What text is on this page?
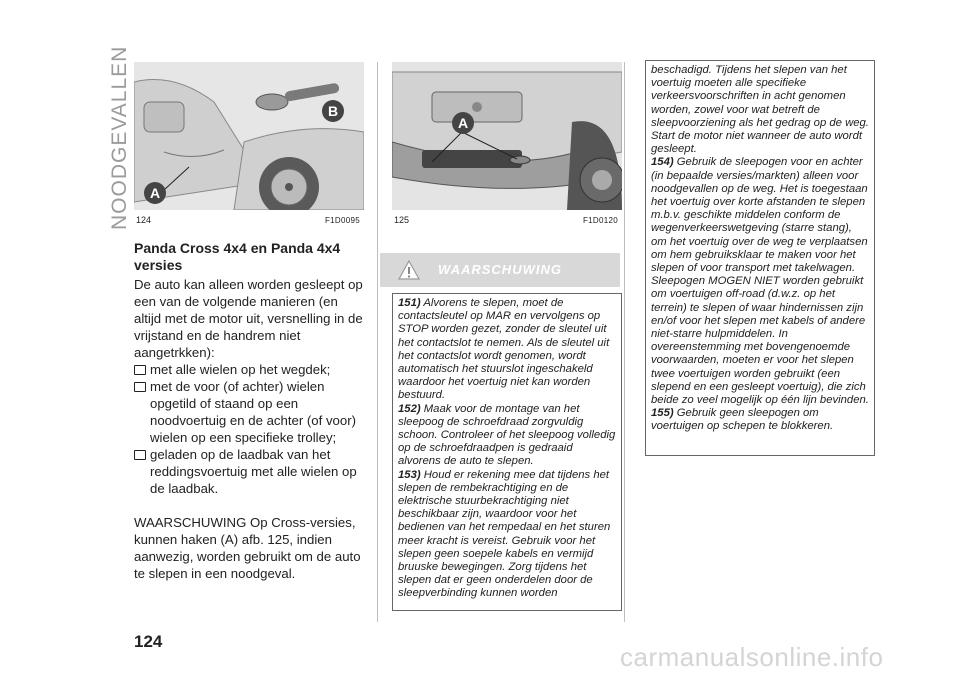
NOODGEVALLEN	A
B
124	F1D0095
Panda Cross 4x4 en Panda 4x4 versies

De auto kan alleen worden gesleept op een van de volgende manieren (en altijd met de motor uit, versnelling in de vrijstand en de handrem niet aangetrkken):

met alle wielen op het wegdek;
met de voor (of achter) wielen opgetild of staand op een noodvoertuig en de achter (of voor) wielen op een specifieke trolley;
geladen op de laadbak van het reddingsvoertuig met alle wielen op de laadbak.

WAARSCHUWING Op Cross-versies, kunnen haken (A) afb. 125, indien aanwezig, worden gebruikt om de auto te slepen in een noodgeval.

A
125	F1D0120
WAARSCHUWING

151) Alvorens te slepen, moet de contactsleutel op MAR en vervolgens op STOP worden gezet, zonder de sleutel uit het contactslot te nemen. Als de sleutel uit het contactslot wordt genomen, wordt automatisch het stuurslot ingeschakeld waardoor het voertuig niet kan worden bestuurd.

152) Maak voor de montage van het sleepoog de schroefdraad zorgvuldig schoon. Controleer of het sleepoog volledig op de schroefdraadpen is gedraaid alvorens de auto te slepen.

153) Houd er rekening mee dat tijdens het slepen de rembekrachtiging en de elektrische stuurbekrachtiging niet beschikbaar zijn, waardoor voor het bedienen van het rempedaal en het sturen meer kracht is vereist. Gebruik voor het slepen geen soepele kabels en vermijd bruuske bewegingen. Zorg tijdens het slepen dat er geen onderdelen door de sleepverbinding kunnen worden

beschadigd. Tijdens het slepen van het voertuig moeten alle specifieke verkeersvoorschriften in acht genomen worden, zowel voor wat betreft de sleepvoorziening als het gedrag op de weg. Start de motor niet wanneer de auto wordt gesleept.

154) Gebruik de sleepogen voor en achter (in bepaalde versies/markten) alleen voor noodgevallen op de weg. Het is toegestaan het voertuig over korte afstanden te slepen m.b.v. geschikte middelen conform de wegenverkeerswetgeving (starre stang), om het voertuig over de weg te verplaatsen om hem gebruiksklaar te maken voor het slepen of voor transport met takelwagen. Sleepogen MOGEN NIET worden gebruikt om voertuigen off-road (d.w.z. op het terrein) te slepen of waar hindernissen zijn en/of voor het slepen met kabels of andere niet-starre hulpmiddelen. In overeenstemming met bovengenoemde voorwaarden, moeten er voor het slepen twee voertuigen worden gebruikt (een slepend en een gesleept voertuig), die zich beide zo veel mogelijk op één lijn bevinden.

155) Gebruik geen sleepogen om voertuigen op schepen te blokkeren.

124
carmanualsonline.info
